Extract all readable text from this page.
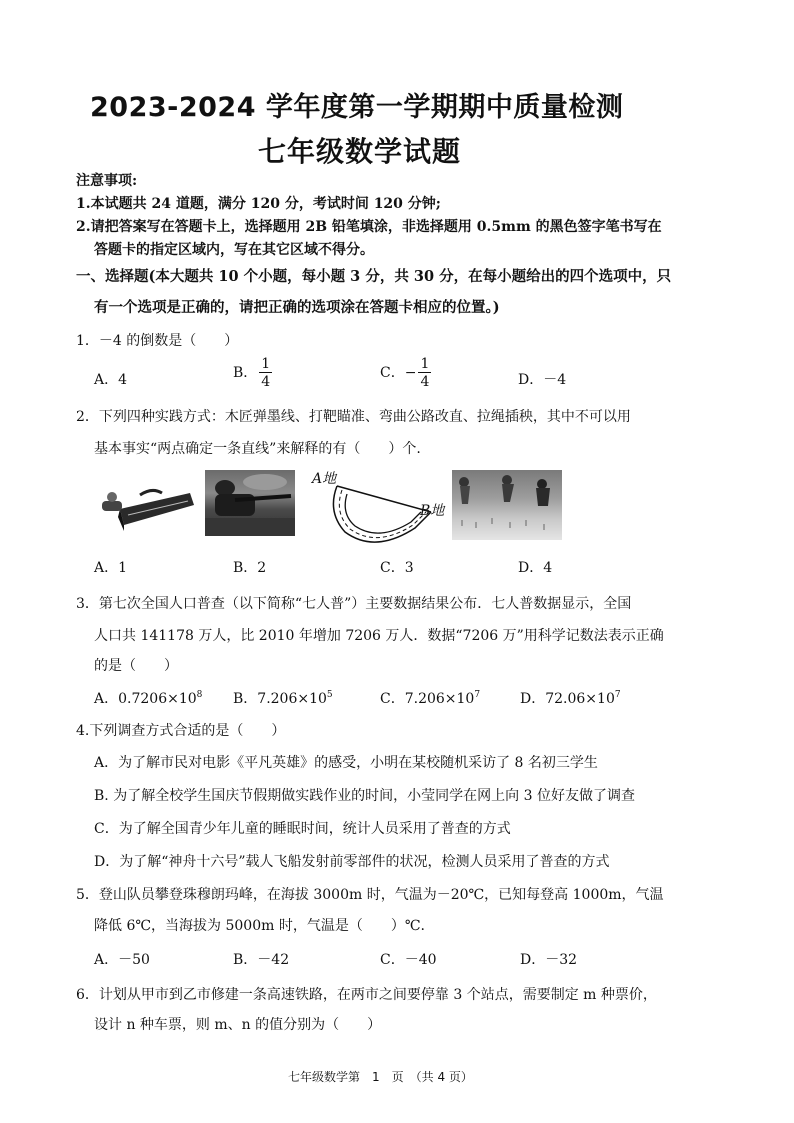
2023-2024 学年度第一学期期中质量检测
七年级数学试题
注意事项:
1.本试题共 24 道题，满分 120 分，考试时间 120 分钟;
2.请把答案写在答题卡上，选择题用 2B 铅笔填涂，非选择题用 0.5mm 的黑色签字笔书写在
答题卡的指定区域内，写在其它区域不得分。
一、选择题(本大题共 10 个小题，每小题 3 分，共 30 分，在每小题给出的四个选项中，只
有一个选项是正确的，请把正确的选项涂在答题卡相应的位置。)
1．－4 的倒数是（　　）
A．4	B． $\frac{1}{4}$	C．− $\frac{1}{4}$	D．－4
2．下列四种实践方式：木匠弹墨线、打靶瞄准、弯曲公路改直、拉绳插秧，其中不可以用
基本事实“两点确定一条直线”来解释的有（　　）个.
A地
B地
A．1	B．2	C．3	D．4
3．第七次全国人口普查（以下简称“七人普”）主要数据结果公布．七人普数据显示，全国
人口共 141178 万人，比 2010 年增加 7206 万人．数据“7206 万”用科学记数法表示正确
的是（　　）
A．$0.7206\times 10^8$ B．$7.206\times 10^5$	C．$7.206\times 10^7$	D．$72.06\times 10^7$
4.下列调查方式合适的是（　　）
A．为了解市民对电影《平凡英雄》的感受，小明在某校随机采访了 8 名初三学生
B. 为了解全校学生国庆节假期做实践作业的时间，小莹同学在网上向 3 位好友做了调查
C．为了解全国青少年儿童的睡眠时间，统计人员采用了普查的方式
D．为了解“神舟十六号”载人飞船发射前零部件的状况，检测人员采用了普查的方式
5．登山队员攀登珠穆朗玛峰，在海拔 3000m 时，气温为－20℃，已知每登高 1000m，气温
降低 6℃，当海拔为 5000m 时，气温是（　　）℃.
A．－50	B．－42	C．－40	D．－32
6．计划从甲市到乙市修建一条高速铁路，在两市之间要停靠 3 个站点，需要制定 m 种票价，
设计 n 种车票，则 m、n 的值分别为（　　）
七年级数学第　1　页　（共 4 页）
